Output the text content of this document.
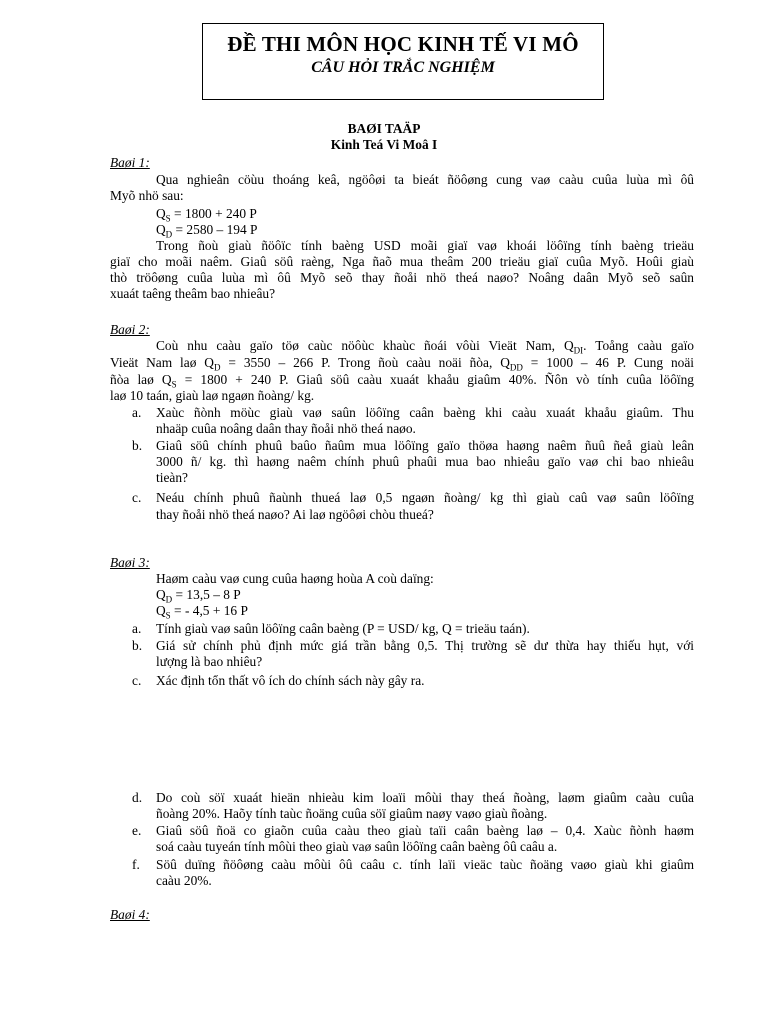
ĐỀ THI MÔN HỌC KINH TẾ VI MÔ
CÂU HỎI TRẮC NGHIỆM
BAØI TAÄP
Kinh Teá Vi Moâ I
Baøi 1:
Qua nghieân cöùu thoáng keâ, ngöôøi ta bieát ñöôøng cung vaø caàu cuûa luùa mì ôû
Myõ nhö sau:
$Q_S = 1800 + 240$ P
$Q_D = 2580 - 194$ P
Trong ñoù giaù ñöôïc tính baèng USD moãi giaï vaø khoái löôïng tính baèng trieäu
giaï cho moãi naêm. Giaû söû raèng, Nga ñaõ mua theâm 200 trieäu giaï cuûa Myõ. Hoûi giaù
thò tröôøng cuûa luùa mì ôû Myõ seõ thay ñoåi nhö theá naøo? Noâng daân Myõ seõ saûn
xuaát taêng theâm bao nhieâu?
Baøi 2:
Coù nhu caàu gaïo töø caùc nöôùc khaùc ñoái vôùi Vieät Nam, $Q_{DI}$. Toång caàu gaïo
Vieät Nam laø $Q_D = 3550 - 266$ P. Trong ñoù caàu noäi ñòa, $Q_{DD} = 1000 - 46$ P. Cung noäi
ñòa laø $Q_S = 1800 + 240$ P. Giaû söû caàu xuaát khaåu giaûm 40%. Ñôn vò tính cuûa löôïng
laø 10 taán, giaù laø ngaøn ñoàng/ kg.
a.	Xaùc ñònh möùc giaù vaø saûn löôïng caân baèng khi caàu xuaát khaåu giaûm. Thu
nhaäp cuûa noâng daân thay ñoåi nhö theá naøo.
b.	Giaû söû chính phuû baûo ñaûm mua löôïng gaïo thöøa haøng naêm ñuû ñeå giaù leân
3000 ñ/ kg. thì haøng naêm chính phuû phaûi mua bao nhieâu gaïo vaø chi bao nhieâu
tieàn?
c.	Neáu chính phuû ñaùnh thueá laø 0,5 ngaøn ñoàng/ kg thì giaù caû vaø saûn löôïng
thay ñoåi nhö theá naøo? Ai laø ngöôøi chòu thueá?
Baøi 3:
Haøm caàu vaø cung cuûa haøng hoùa A coù daïng:
$Q_D = 13,5 - 8$ P
$Q_S$ = - 4,5 + 16 P
a.	Tính giaù vaø saûn löôïng caân baèng (P = USD/ kg, Q = trieäu taán).
b.	Giá sử chính phủ định mức giá trần bằng 0,5. Thị trường sẽ dư thừa hay thiếu hụt, với
lượng là bao nhiêu?
c.	Xác định tổn thất vô ích do chính sách này gây ra.
d.	Do coù söï xuaát hieän nhieàu kim loaïi môùi thay theá ñoàng, laøm giaûm caàu cuûa
ñoàng 20%. Haõy tính taùc ñoäng cuûa söï giaûm naøy vaøo giaù ñoàng.
e.	Giaû söû ñoä co giaõn cuûa caàu theo giaù taïi caân baèng laø – 0,4. Xaùc ñònh haøm
soá caàu tuyeán tính môùi theo giaù vaø saûn löôïng caân baèng ôû caâu a.
f.	Söû duïng ñöôøng caàu môùi ôû caâu c. tính laïi vieäc taùc ñoäng vaøo giaù khi giaûm
caàu 20%.
Baøi 4:
